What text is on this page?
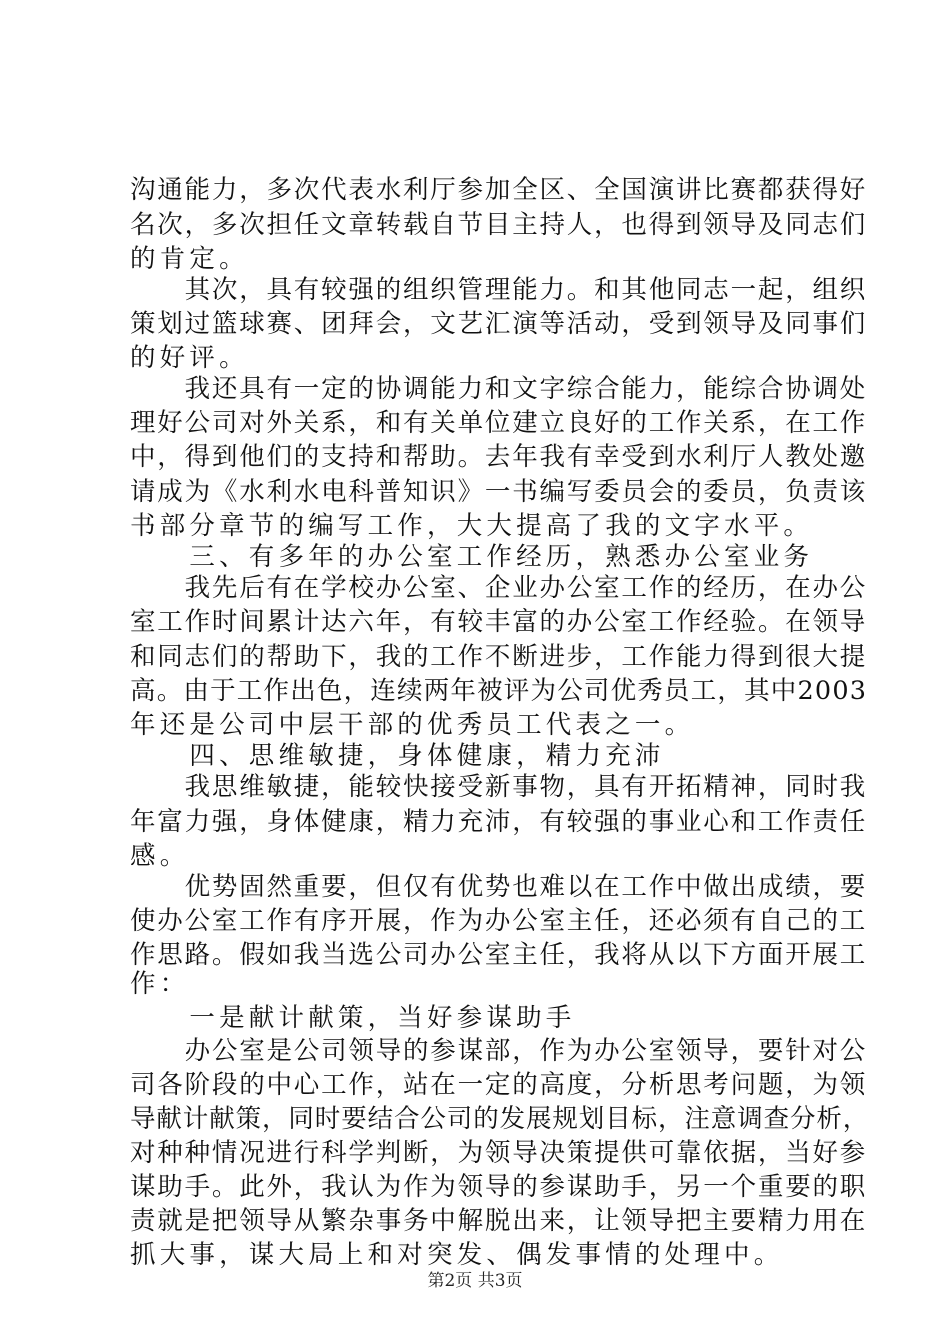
沟通能力，多次代表水利厅参加全区、全国演讲比赛都获得好
名次，多次担任文章转载自节目主持人，也得到领导及同志们
的肯定。
　　其次，具有较强的组织管理能力。和其他同志一起，组织
策划过篮球赛、团拜会，文艺汇演等活动，受到领导及同事们
的好评。
　　我还具有一定的协调能力和文字综合能力，能综合协调处
理好公司对外关系，和有关单位建立良好的工作关系，在工作
中，得到他们的支持和帮助。去年我有幸受到水利厅人教处邀
请成为《水利水电科普知识》一书编写委员会的委员，负责该
书部分章节的编写工作，大大提高了我的文字水平。
　　三、有多年的办公室工作经历，熟悉办公室业务
　　我先后有在学校办公室、企业办公室工作的经历，在办公
室工作时间累计达六年，有较丰富的办公室工作经验。在领导
和同志们的帮助下，我的工作不断进步，工作能力得到很大提
高。由于工作出色，连续两年被评为公司优秀员工，其中2003
年还是公司中层干部的优秀员工代表之一。
　　四、思维敏捷，身体健康，精力充沛
　　我思维敏捷，能较快接受新事物，具有开拓精神，同时我
年富力强，身体健康，精力充沛，有较强的事业心和工作责任
感。
　　优势固然重要，但仅有优势也难以在工作中做出成绩，要
使办公室工作有序开展，作为办公室主任，还必须有自己的工
作思路。假如我当选公司办公室主任，我将从以下方面开展工
作：
　　一是献计献策，当好参谋助手
　　办公室是公司领导的参谋部，作为办公室领导，要针对公
司各阶段的中心工作，站在一定的高度，分析思考问题，为领
导献计献策，同时要结合公司的发展规划目标，注意调查分析，
对种种情况进行科学判断，为领导决策提供可靠依据，当好参
谋助手。此外，我认为作为领导的参谋助手，另一个重要的职
责就是把领导从繁杂事务中解脱出来，让领导把主要精力用在
抓大事，谋大局上和对突发、偶发事情的处理中。
第2页 共3页
